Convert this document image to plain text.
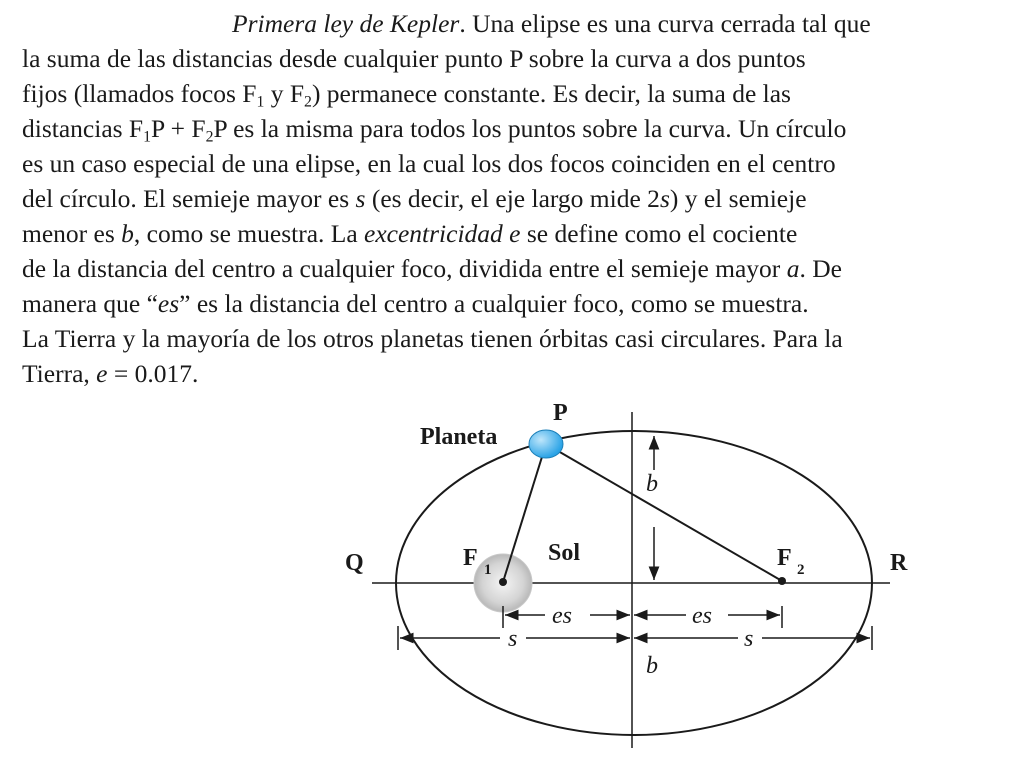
Primera ley de Kepler. Una elipse es una curva cerrada tal que
la suma de las distancias desde cualquier punto P sobre la curva a dos puntos
fijos (llamados focos $F_1$ y $F_2$) permanece constante. Es decir, la suma de las
distancias $F_1P + F_2P$ es la misma para todos los puntos sobre la curva. Un círculo
es un caso especial de una elipse, en la cual los dos focos coinciden en el centro
del círculo. El semieje mayor es s (es decir, el eje largo mide 2s) y el semieje
menor es b, como se muestra. La excentricidad e se define como el cociente
de la distancia del centro a cualquier foco, dividida entre el semieje mayor a. De
manera que “es” es la distancia del centro a cualquier foco, como se muestra.
La Tierra y la mayoría de los otros planetas tienen órbitas casi circulares. Para la
Tierra, e = 0.017.
b
Planeta
P
Q	R
F 1	F 2
Sol
es	es
s	s
b
